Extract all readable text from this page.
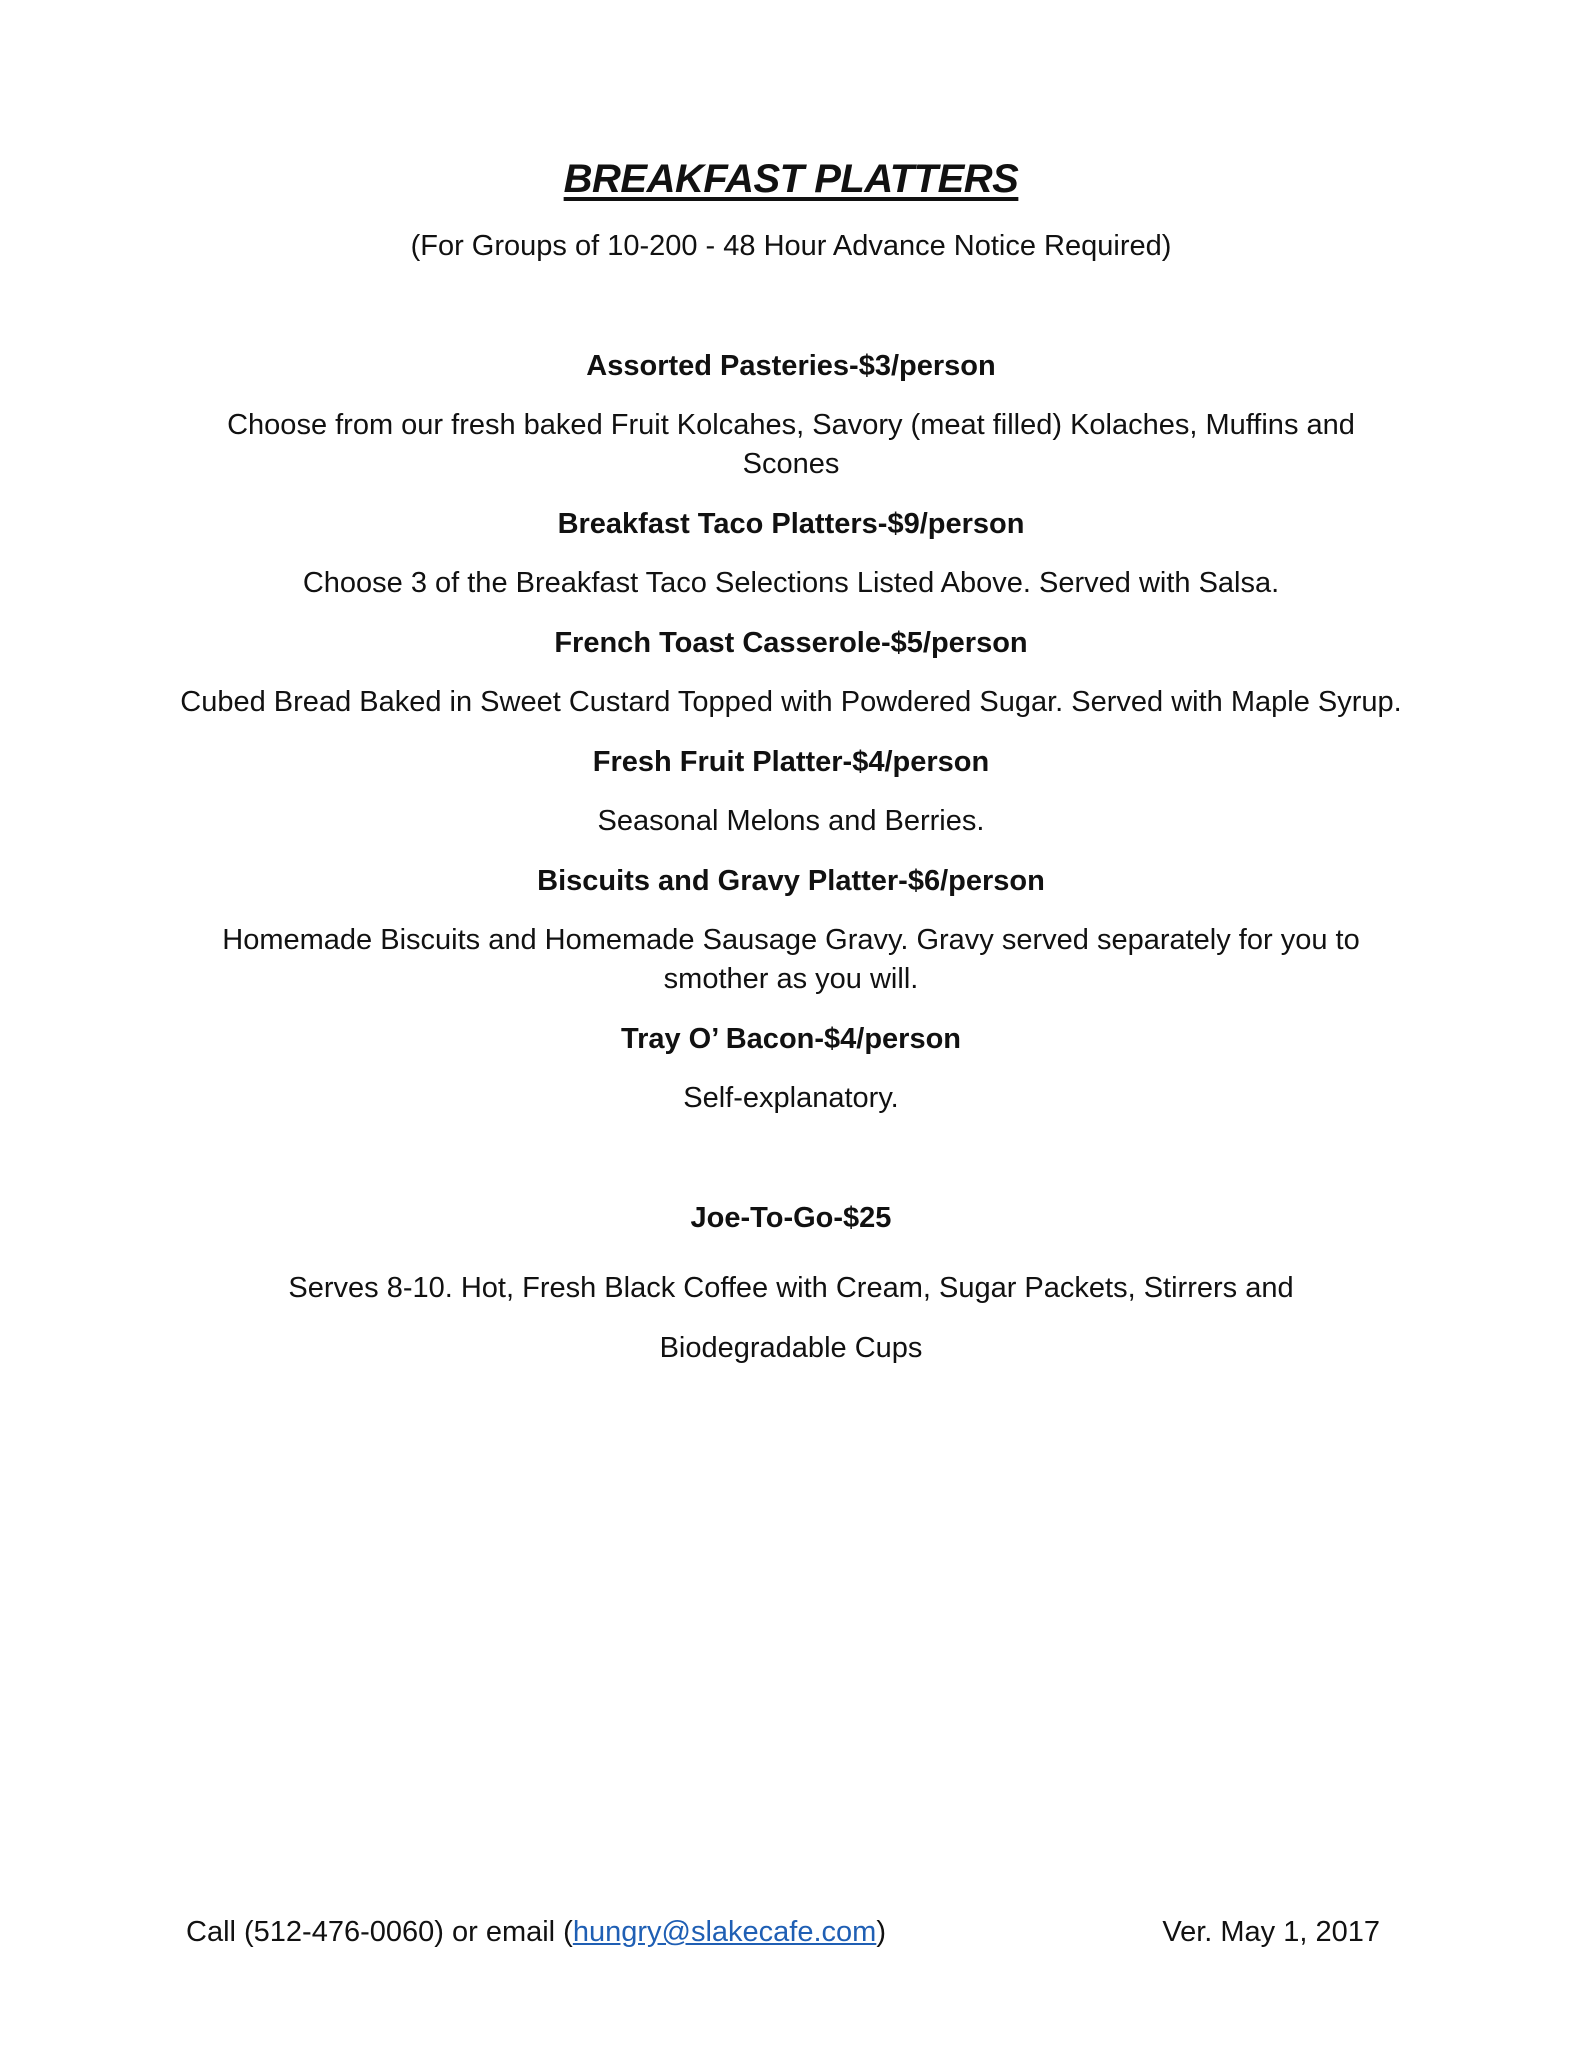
BREAKFAST PLATTERS
(For Groups of 10-200 - 48 Hour Advance Notice Required)
Assorted Pasteries-$3/person
Choose from our fresh baked Fruit Kolcahes, Savory (meat filled) Kolaches, Muffins and Scones
Breakfast Taco Platters-$9/person
Choose 3 of the Breakfast Taco Selections Listed Above. Served with Salsa.
French Toast Casserole-$5/person
Cubed Bread Baked in Sweet Custard Topped with Powdered Sugar. Served with Maple Syrup.
Fresh Fruit Platter-$4/person
Seasonal Melons and Berries.
Biscuits and Gravy Platter-$6/person
Homemade Biscuits and Homemade Sausage Gravy. Gravy served separately for you to smother as you will.
Tray O’ Bacon-$4/person
Self-explanatory.
Joe-To-Go-$25
Serves 8-10. Hot, Fresh Black Coffee with Cream, Sugar Packets, Stirrers and Biodegradable Cups
Call (512-476-0060) or email (hungry@slakecafe.com)	Ver. May 1, 2017
